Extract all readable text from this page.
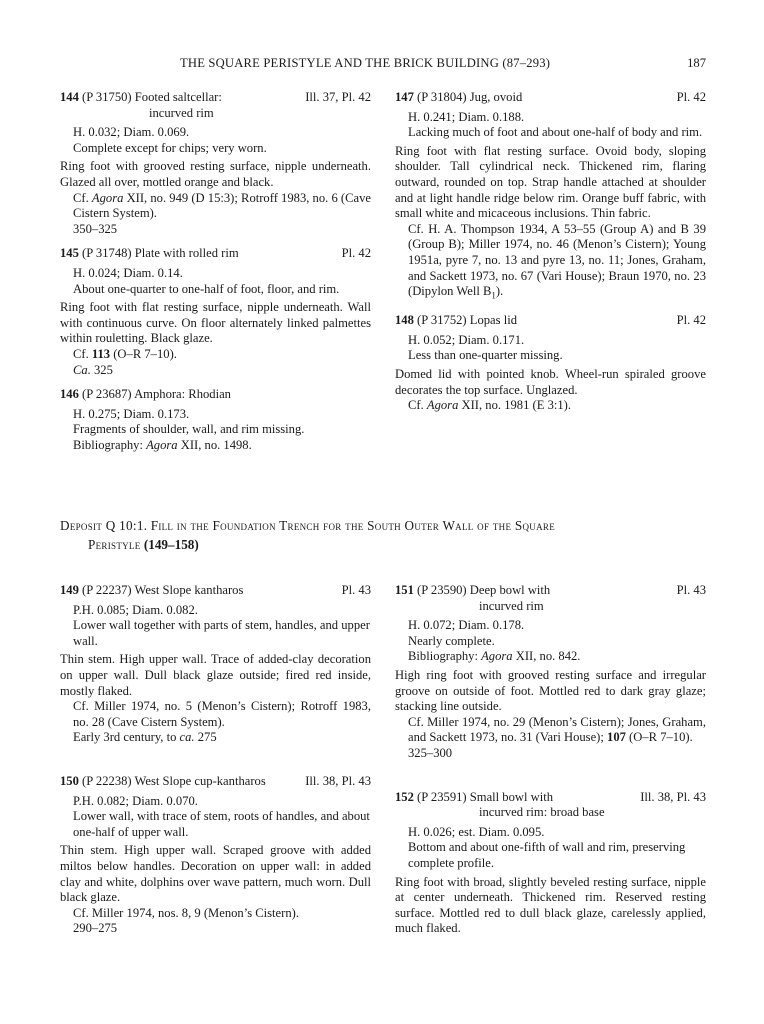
THE SQUARE PERISTYLE AND THE BRICK BUILDING (87–293)	187
144 (P 31750) Footed saltcellar:	Ill. 37, Pl. 42
incurved rim
H. 0.032; Diam. 0.069.
Complete except for chips; very worn.
Ring foot with grooved resting surface, nipple underneath. Glazed all over, mottled orange and black.
Cf. Agora XII, no. 949 (D 15:3); Rotroff 1983, no. 6 (Cave Cistern System).
350–325
145 (P 31748) Plate with rolled rim	Pl. 42
H. 0.024; Diam. 0.14.
About one-quarter to one-half of foot, floor, and rim.
Ring foot with flat resting surface, nipple underneath. Wall with continuous curve. On floor alternately linked palmettes within rouletting. Black glaze.
Cf. 113 (O–R 7–10).
Ca. 325
146 (P 23687) Amphora: Rhodian
H. 0.275; Diam. 0.173.
Fragments of shoulder, wall, and rim missing.
Bibliography: Agora XII, no. 1498.
147 (P 31804) Jug, ovoid	Pl. 42
H. 0.241; Diam. 0.188.
Lacking much of foot and about one-half of body and rim.
Ring foot with flat resting surface. Ovoid body, sloping shoulder. Tall cylindrical neck. Thickened rim, flaring outward, rounded on top. Strap handle attached at shoulder and at light handle ridge below rim. Orange buff fabric, with small white and micaceous inclusions. Thin fabric.
Cf. H. A. Thompson 1934, A 53–55 (Group A) and B 39 (Group B); Miller 1974, no. 46 (Menon’s Cistern); Young 1951a, pyre 7, no. 13 and pyre 13, no. 11; Jones, Graham, and Sackett 1973, no. 67 (Vari House); Braun 1970, no. 23 (Dipylon Well $B_1$).
148 (P 31752) Lopas lid	Pl. 42
H. 0.052; Diam. 0.171.
Less than one-quarter missing.
Domed lid with pointed knob. Wheel-run spiraled groove decorates the top surface. Unglazed.
Cf. Agora XII, no. 1981 (E 3:1).
Deposit Q 10:1. Fill in the Foundation Trench for the South Outer Wall of the Square
Peristyle (149–158)
149 (P 22237) West Slope kantharos	Pl. 43
P.H. 0.085; Diam. 0.082.
Lower wall together with parts of stem, handles, and upper wall.
Thin stem. High upper wall. Trace of added-clay decoration on upper wall. Dull black glaze outside; fired red inside, mostly flaked.
Cf. Miller 1974, no. 5 (Menon’s Cistern); Rotroff 1983, no. 28 (Cave Cistern System).
Early 3rd century, to ca. 275
150 (P 22238) West Slope cup-kantharos	Ill. 38, Pl. 43
P.H. 0.082; Diam. 0.070.
Lower wall, with trace of stem, roots of handles, and about one-half of upper wall.
Thin stem. High upper wall. Scraped groove with added miltos below handles. Decoration on upper wall: in added clay and white, dolphins over wave pattern, much worn. Dull black glaze.
Cf. Miller 1974, nos. 8, 9 (Menon’s Cistern).
290–275
151 (P 23590) Deep bowl with	Pl. 43
incurved rim
H. 0.072; Diam. 0.178.
Nearly complete.
Bibliography: Agora XII, no. 842.
High ring foot with grooved resting surface and irregular groove on outside of foot. Mottled red to dark gray glaze; stacking line outside.
Cf. Miller 1974, no. 29 (Menon’s Cistern); Jones, Graham, and Sackett 1973, no. 31 (Vari House); 107 (O–R 7–10).
325–300
152 (P 23591) Small bowl with	Ill. 38, Pl. 43
incurved rim: broad base
H. 0.026; est. Diam. 0.095.
Bottom and about one-fifth of wall and rim, preserving complete profile.
Ring foot with broad, slightly beveled resting surface, nipple at center underneath. Thickened rim. Reserved resting surface. Mottled red to dull black glaze, carelessly applied, much flaked.
